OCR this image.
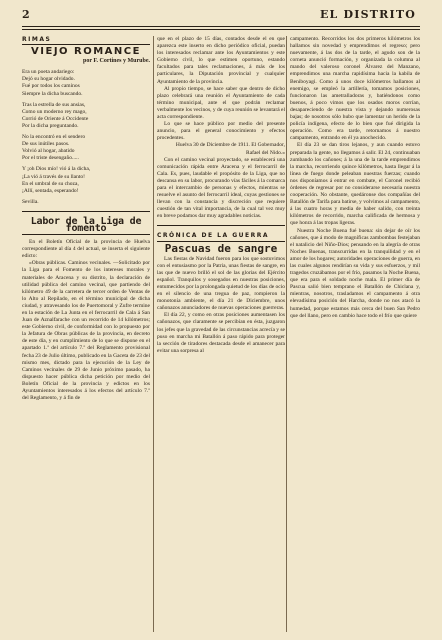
2	EL DISTRITO
RIMAS
VIEJO ROMANCE
por F. Cortines y Murube.

Era un poeta andariego:

Dejó su hogar olvidado.

Fué por todos los caminos

Siempre la dicha buscando.

Tras la estrella de sus ansias,

Como un moderno rey mago,

Corrió de Oriente á Occidente

Por la dicha preguntando.

No la encontró en el sendero

De sus inútiles pasos.

Volvió al hogar, abatido

Por el triste desengaño.....

Y ¡oh Dios mío! vió á la dicha,

¡La vió á través de su llanto!

En el umbral de su choza,

¡Allí, sentada, esperando!

Sevilla.
Labor de la Liga de fomento

En el Boletín Oficial de la provincia de Huelva correspondiente al día 4 del actual, se inserta el siguiente edicto:

«Obras públicas. Caminos vecinales. —Solicitado por la Liga para el Fomento de los intereses morales y materiales de Aracena y su distrito, la declaración de utilidad pública del camino vecinal, que partiendo del kilómetro 49 de la carretera de tercer orden de Ventas de lo Alto al Repilado, en el término municipal de dicha ciudad, y atravesando los de Puertomoral y Zufre termine en la estación de La Junta en el ferrocarril de Cala á San Juan de Aznalfarache con un recorrido de 14 kilómetros; este Gobierno civil, de conformidad con lo propuesto por la Jefatura de Obras públicas de la provincia, en decreto de este día, y en cumplimiento de lo que se dispone en el apartado 1.º del artículo 7.º del Reglamento provisional fecha 23 de Julio último, publicado en la Gaceta de 23 del mismo mes, dictado para la ejecución de la Ley de Caminos vecinales de 29 de Junio próximo pasado, ha dispuesto hacer pública dicha petición por medio del Boletín Oficial de la provincia y edictos en los Ayuntamientos interesados á los efectos del artículo 7.º del Reglamento, y á fin de

que en el plazo de 15 días, contados desde el en que aparezca este inserto en dicho periódico oficial, puedan los interesados reclamar ante los Ayuntamientos y este Gobierno civil, lo que estimen oportuno, estando facultados para tales reclamaciones, á más de los particulares, la Diputación provincial y cualquier Ayuntamiento de la provincia.

Al propio tiempo, se hace saber que dentro de dicho plazo celebrará una reunión el Ayuntamiento de cada término municipal, ante el que podrán reclamar verbalmente los vecinos, y de cuya reunión se levantará el acta correspondiente.

Lo que se hace público por medio del presente anuncio, para el general conocimiento y efectos procedentes.

Huelva 30 de Diciembre de 1911. El Gobernador, Rafael del Nido.»

Con el camino vecinal proyectado, se establecerá una comunicación rápida entre Aracena y el ferrocarril de Cala. Es, pues, laudable el propósito de la Liga, que no descansa en su labor, procurando vías fáciles á la comarca para el intercambio de personas y efectos, mientras se resuelve el asunto del ferrocarril ideal, cuyas gestiones se llevan con la constancia y discreción que requiere cuestión de tan vital importancia, de la cual tal vez muy en breve podamos dar muy agradables noticias.

CRÓNICA DE LA GUERRA
Pascuas de sangre

Las fiestas de Navidad fueron para los que sostuvimos con el entusiasmo por la Patria, unas fiestas de sangre, en las que de nuevo brilló el sol de las glorias del Ejército español. Tranquilos y sosegados en nuestras posiciones, entumecidos por la prolongada quietud de los días de ocio en el silencio de una tregua de paz, rompieron la monotonía ambiente, el día 21 de Diciembre, unos cañonazos anunciadores de nuevas operaciones guerreras.

El día 22, y como en otras posiciones aumentasen los cañonazos, que claramente se percibían en ésta, juzgaron los jefes que la gravedad de las circunstancias acrecía y se puso en marcha mi Batallón á paso rápido para proteger la sección de tiradores destacada desde el amanecer para evitar una sorpresa al

campamento. Recorridos los dos primeros kilómetros los hallamos sin novedad y emprendimos el regreso; pero nuevamente, á las dos de la tarde, el agudo son de la corneta anunció formación, y organizada la columna al mando del valeroso coronel Álvarez del Manzano, emprendimos una marcha rapidísima hacia la kabila de Beniboyagi. Como á unos doce kilómetros hallamos al enemigo, se empleó la artillería, tomamos posiciones, funcionaron las ametralladoras y, batiéndonos como buenos, á poco vimos que los osados moros corrían, desapareciendo de nuestra vista y dejando numerosas bajas; de nosotros sólo hubo que lamentar un herido de la policía indígena, efecto de lo bien que fué dirigida la operación. Como era tarde, retornamos á nuestro campamento, entrando en él ya anochecido.

El día 23 se dan tiros lejanos, y aun cuando estuvo preparada la gente, no llegamos á salir. El 24, continuaban zumbando los cañones; á la una de la tarde emprendimos la marcha, recorriendo quince kilómetros, hasta llegar á la línea de fuego donde peleaban nuestras fuerzas; cuando nos disponíamos á entrar en combate, el Coronel recibió órdenes de regresar por no considerarse necesaria nuestra cooperación. No obstante, quedáronse dos compañías del Batallón de Tarifa para batirse, y volvimos al campamento, á las cuatro horas y media de haber salido, con treinta kilómetros de recorrido, marcha calificada de hermosa y que honra á las tropas ligeras.

Nuestra Noche Buena fué buena: sin dejar de oír los cañones, que á modo de magníficas zambombas festejaban el natalicio del Niño-Dios; pensando en la alegría de otras Noches Buenas, transcurridas en la tranquilidad y en el amor de los hogares; autoridades operaciones de guerra, en las cuales algunos rendirían su vida y sus esfuerzos, y mil tragedos cruzábamos por el frío, pasamos la Noche Buena, que era para el soldado noche mala. El primer día de Pascua salió bien temprano el Batallón de Chiclana y, mientras, nosotros, trasladamos el campamento á otra elevadísima posición del Harcha, donde no nos atacó la humedad, porque estamos más cerca del buen San Pedro que del llano, pero en cambio hace todo el frío que quiere
